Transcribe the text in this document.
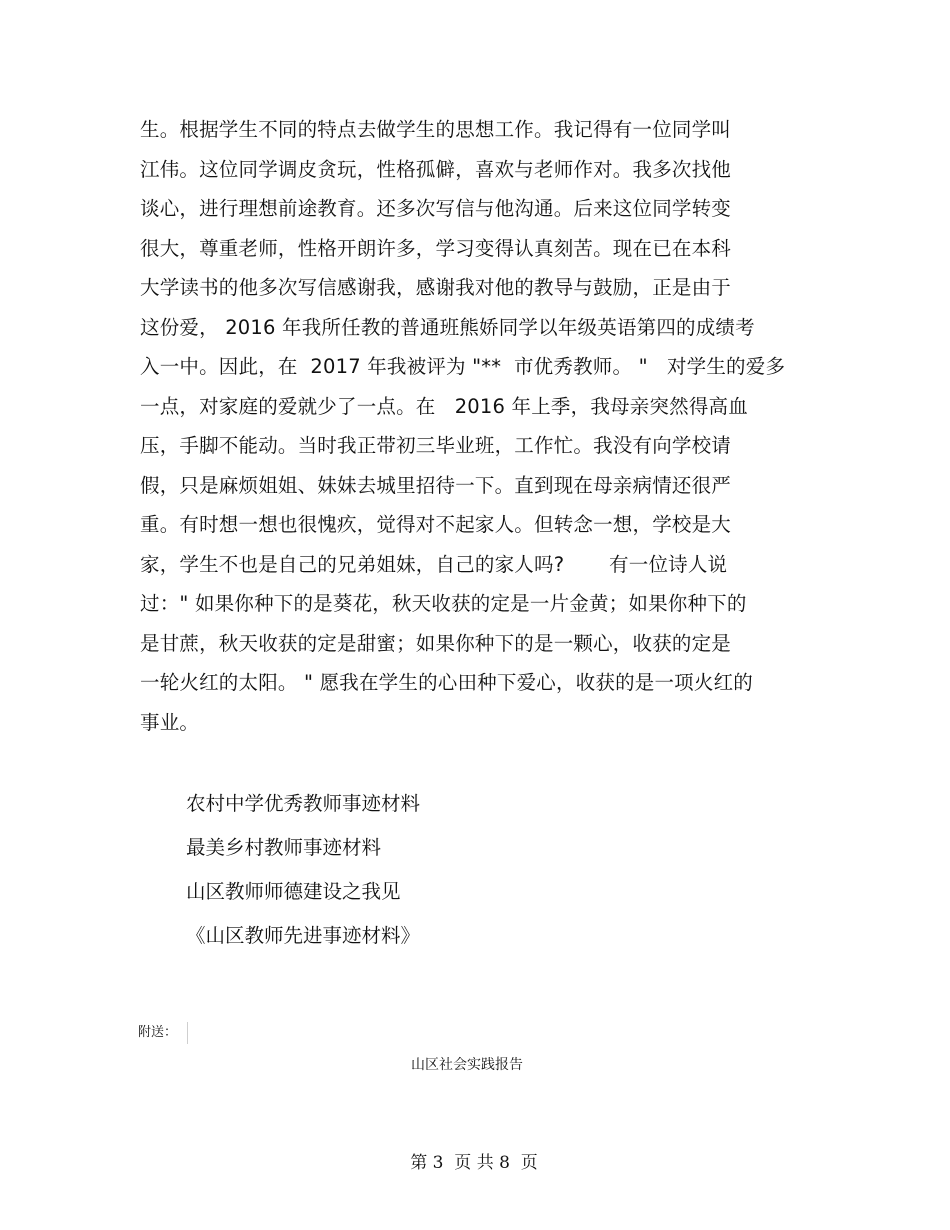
生。根据学生不同的特点去做学生的思想工作。我记得有一位同学叫
江伟。这位同学调皮贪玩，性格孤僻，喜欢与老师作对。我多次找他
谈心，进行理想前途教育。还多次写信与他沟通。后来这位同学转变
很大，尊重老师，性格开朗许多，学习变得认真刻苦。现在已在本科
大学读书的他多次写信感谢我，感谢我对他的教导与鼓励，正是由于
这份爱， 2016 年我所任教的普通班熊娇同学以年级英语第四的成绩考
入一中。因此，在  2017 年我被评为 "**  市优秀教师。 "   对学生的爱多
一点，对家庭的爱就少了一点。在   2016 年上季，我母亲突然得高血
压，手脚不能动。当时我正带初三毕业班，工作忙。我没有向学校请
假，只是麻烦姐姐、妹妹去城里招待一下。直到现在母亲病情还很严
重。有时想一想也很愧疚，觉得对不起家人。但转念一想，学校是大
家，学生不也是自己的兄弟姐妹，自己的家人吗?       有一位诗人说
过：" 如果你种下的是葵花，秋天收获的定是一片金黄；如果你种下的
是甘蔗，秋天收获的定是甜蜜；如果你种下的是一颗心，收获的定是
一轮火红的太阳。 " 愿我在学生的心田种下爱心，收获的是一项火红的
事业。
农村中学优秀教师事迹材料
最美乡村教师事迹材料
山区教师师德建设之我见
《山区教师先进事迹材料》
附送：
山区社会实践报告
第 3  页 共 8  页
